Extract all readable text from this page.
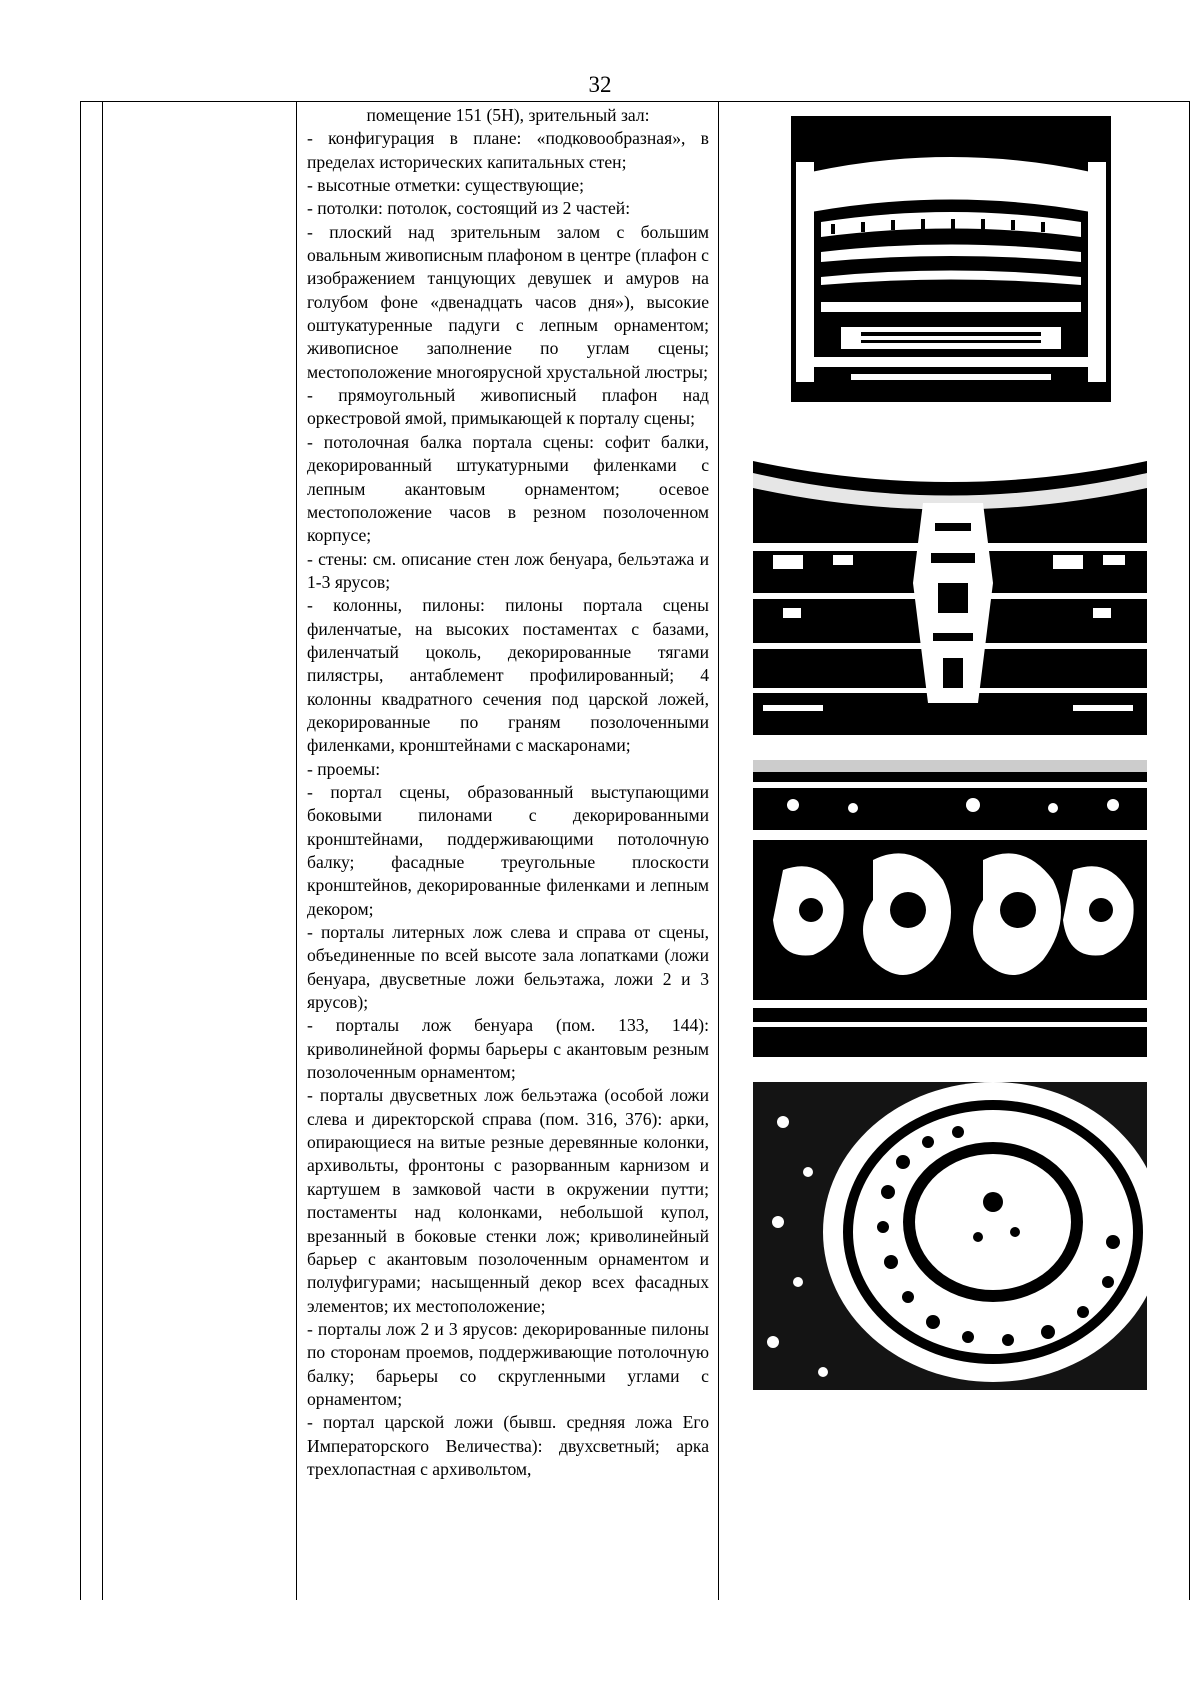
32

помещение 151 (5Н), зрительный зал:

- конфигурация в плане: «подковообразная», в пределах исторических капитальных стен;

- высотные отметки: существующие;

- потолки: потолок, состоящий из 2 частей:

- плоский над зрительным залом с большим овальным живописным плафоном в центре (плафон с изображением танцующих девушек и амуров на голубом фоне «двенадцать часов дня»), высокие оштукатуренные падуги с лепным орнаментом; живописное заполнение по углам сцены; местоположение многоярусной хрустальной люстры;

- прямоугольный живописный плафон над оркестровой ямой, примыкающей к порталу сцены;

- потолочная балка портала сцены: софит балки, декорированный штукатурными филенками с лепным акантовым орнаментом; осевое местоположение часов в резном позолоченном корпусе;

- стены: см. описание стен лож бенуара, бельэтажа и 1-3 ярусов;

- колонны, пилоны: пилоны портала сцены филенчатые, на высоких постаментах с базами, филенчатый цоколь, декорированные тягами пилястры, антаблемент профилированный; 4 колонны квадратного сечения под царской ложей, декорированные по граням позолоченными филенками, кронштейнами с маскаронами;

- проемы:

- портал сцены, образованный выступающими боковыми пилонами с декорированными кронштейнами, поддерживающими потолочную балку; фасадные треугольные плоскости кронштейнов, декорированные филенками и лепным декором;

- порталы литерных лож слева и справа от сцены, объединенные по всей высоте зала лопатками (ложи бенуара, двусветные ложи бельэтажа, ложи 2 и 3 ярусов);

- порталы лож бенуара (пом. 133, 144): криволинейной формы барьеры с акантовым резным позолоченным орнаментом;

- порталы двусветных лож бельэтажа (особой ложи слева и директорской справа (пом. 316, 376): арки, опирающиеся на витые резные деревянные колонки, архивольты, фронтоны с разорванным карнизом и картушем в замковой части в окружении путти; постаменты над колонками, небольшой купол, врезанный в боковые стенки лож; криволинейный барьер с акантовым позолоченным орнаментом и полуфигурами; насыщенный декор всех фасадных элементов; их местоположение;

- порталы лож 2 и 3 ярусов: декорированные пилоны по сторонам проемов, поддерживающие потолочную балку; барьеры со скругленными углами с орнаментом;

- портал царской ложи (бывш. средняя ложа Его Императорского Величества): двухсветный; арка трехлопастная с архивольтом,
